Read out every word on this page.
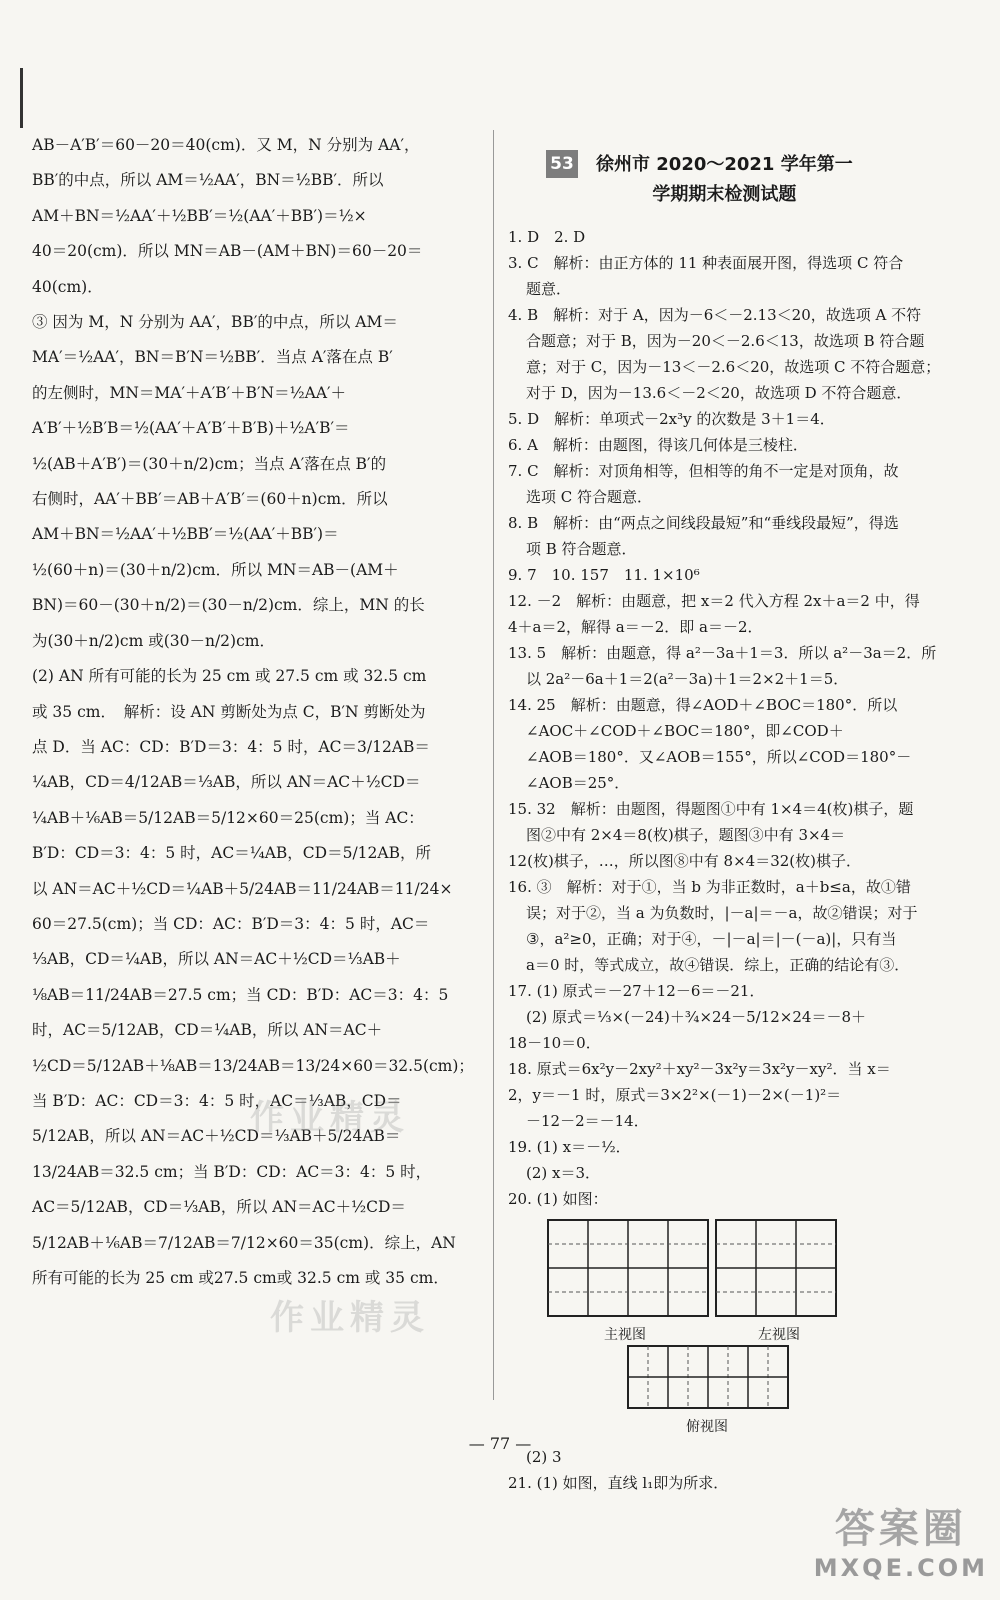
AB－A′B′＝60－20＝40(cm)．又 M，N 分别为 AA′，

BB′的中点，所以 AM＝½AA′，BN＝½BB′．所以

AM＋BN＝½AA′＋½BB′＝½(AA′＋BB′)＝½×

40＝20(cm)．所以 MN＝AB－(AM＋BN)＝60－20＝

40(cm)．

③ 因为 M，N 分别为 AA′，BB′的中点，所以 AM＝

MA′＝½AA′，BN＝B′N＝½BB′．当点 A′落在点 B′

的左侧时，MN＝MA′＋A′B′＋B′N＝½AA′＋

A′B′＋½B′B＝½(AA′＋A′B′＋B′B)＋½A′B′＝

½(AB＋A′B′)＝(30＋n/2)cm；当点 A′落在点 B′的

右侧时，AA′＋BB′＝AB＋A′B′＝(60＋n)cm．所以

AM＋BN＝½AA′＋½BB′＝½(AA′＋BB′)＝

½(60＋n)＝(30＋n/2)cm．所以 MN＝AB－(AM＋

BN)＝60－(30＋n/2)＝(30－n/2)cm．综上，MN 的长

为(30＋n/2)cm 或(30－n/2)cm．

(2) AN 所有可能的长为 25 cm 或 27.5 cm 或 32.5 cm

或 35 cm．　解析：设 AN 剪断处为点 C，B′N 剪断处为

点 D．当 AC：CD：B′D＝3：4：5 时，AC＝3/12AB＝

¼AB，CD＝4/12AB＝⅓AB，所以 AN＝AC＋½CD＝

¼AB＋⅙AB＝5/12AB＝5/12×60＝25(cm)；当 AC：

B′D：CD＝3：4：5 时，AC＝¼AB，CD＝5/12AB，所

以 AN＝AC＋½CD＝¼AB＋5/24AB＝11/24AB＝11/24×

60＝27.5(cm)；当 CD：AC：B′D＝3：4：5 时，AC＝

⅓AB，CD＝¼AB，所以 AN＝AC＋½CD＝⅓AB＋

⅛AB＝11/24AB＝27.5 cm；当 CD：B′D：AC＝3：4：5

时，AC＝5/12AB，CD＝¼AB，所以 AN＝AC＋

½CD＝5/12AB＋⅛AB＝13/24AB＝13/24×60＝32.5(cm)；

当 B′D：AC：CD＝3：4：5 时，AC＝⅓AB，CD＝

5/12AB，所以 AN＝AC＋½CD＝⅓AB＋5/24AB＝

13/24AB＝32.5 cm；当 B′D：CD：AC＝3：4：5 时，

AC＝5/12AB，CD＝⅓AB，所以 AN＝AC＋½CD＝

5/12AB＋⅙AB＝7/12AB＝7/12×60＝35(cm)．综上，AN

所有可能的长为 25 cm 或27.5 cm或 32.5 cm 或 35 cm．

53 徐州市 2020～2021 学年第一
学期期末检测试题

1. D　2. D

3. C　解析：由正方体的 11 种表面展开图，得选项 C 符合

题意．

4. B　解析：对于 A，因为－6＜－2.13＜20，故选项 A 不符

合题意；对于 B，因为－20＜－2.6＜13，故选项 B 符合题

意；对于 C，因为－13＜－2.6＜20，故选项 C 不符合题意；

对于 D，因为－13.6＜－2＜20，故选项 D 不符合题意．

5. D　解析：单项式－2x³y 的次数是 3＋1＝4．

6. A　解析：由题图，得该几何体是三棱柱．

7. C　解析：对顶角相等，但相等的角不一定是对顶角，故

选项 C 符合题意．

8. B　解析：由“两点之间线段最短”和“垂线段最短”，得选

项 B 符合题意．

9. 7　10. 157　11. 1×10⁶

12. －2　解析：由题意，把 x＝2 代入方程 2x＋a＝2 中，得

4＋a＝2，解得 a＝－2．即 a＝－2．

13. 5　解析：由题意，得 a²－3a＋1＝3．所以 a²－3a＝2．所

以 2a²－6a＋1＝2(a²－3a)＋1＝2×2＋1＝5．

14. 25　解析：由题意，得∠AOD＋∠BOC＝180°．所以

∠AOC＋∠COD＋∠BOC＝180°，即∠COD＋

∠AOB＝180°．又∠AOB＝155°，所以∠COD＝180°－

∠AOB＝25°．

15. 32　解析：由题图，得题图①中有 1×4＝4(枚)棋子，题

图②中有 2×4＝8(枚)棋子，题图③中有 3×4＝

12(枚)棋子，…，所以图⑧中有 8×4＝32(枚)棋子．

16. ③　解析：对于①，当 b 为非正数时，a＋b≤a，故①错

误；对于②，当 a 为负数时，|－a|＝－a，故②错误；对于

③，a²≥0，正确；对于④，－|－a|＝|－(－a)|，只有当

a＝0 时，等式成立，故④错误．综上，正确的结论有③．

17. (1) 原式＝－27＋12－6＝－21．

(2) 原式＝⅓×(－24)＋¾×24－5/12×24＝－8＋

18－10＝0．

18. 原式＝6x²y－2xy²＋xy²－3x²y＝3x²y－xy²．当 x＝

2，y＝－1 时，原式＝3×2²×(－1)－2×(－1)²＝

－12－2＝－14．

19. (1) x＝－½．

(2) x＝3．

20. (1) 如图：

主视图	左视图
俯视图

(2) 3

21. (1) 如图，直线 l₁即为所求．

作业精灵
作业精灵
— 77 —
答案圈
MXQE.COM
